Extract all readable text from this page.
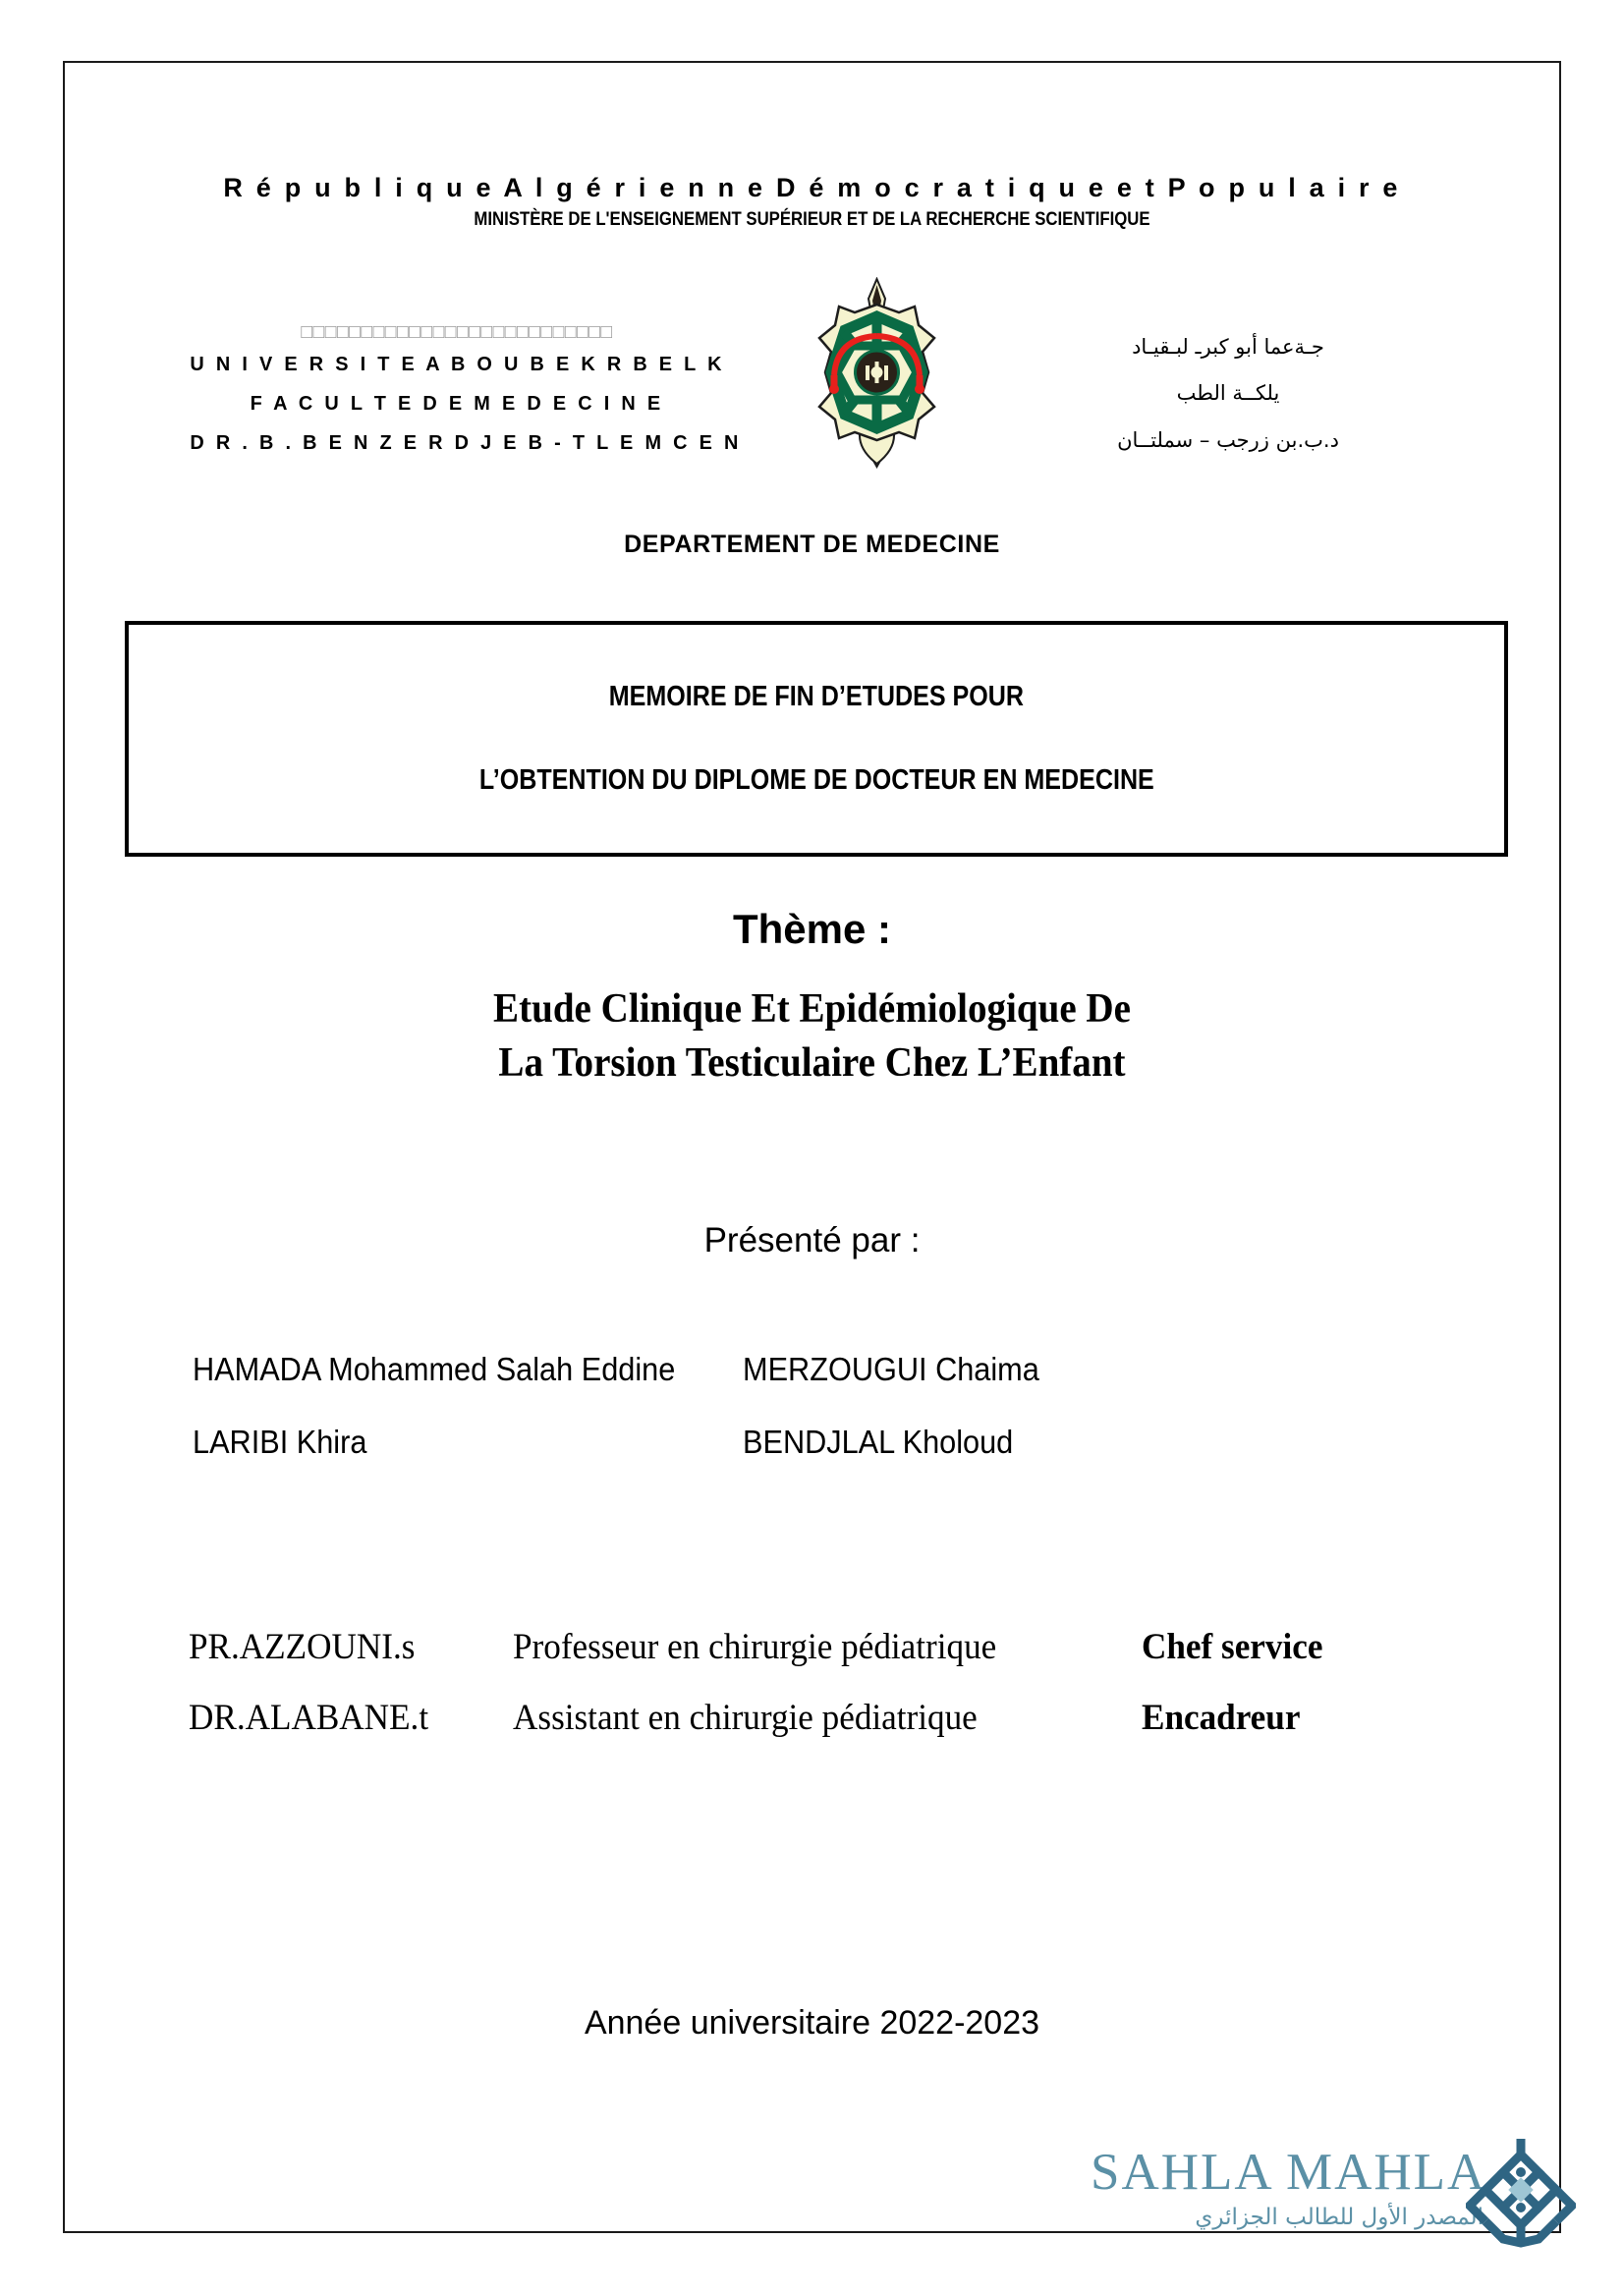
R é p u b l i q u e A l g é r i e n n e D é m o c r a t i q u e e t P o p u l a i r e
MINISTÈRE DE L'ENSEIGNEMENT SUPÉRIEUR ET DE LA RECHERCHE SCIENTIFIQUE
□□□□□□□□□□□□□□□□□□□□□□□□□□
U N I V E R S I T E A B O U B E K R B E L K
F A C U L T E D E M E D E C I N E
D R . B . B E N Z E R D J E B - T L E M C E N
جـةعما أبو كبرـ لبـقيـاد
يلكــة الطب
د.ب.بن زرجب – سملتــان
DEPARTEMENT DE MEDECINE
MEMOIRE DE FIN D’ETUDES POUR
L’OBTENTION DU DIPLOME DE DOCTEUR EN MEDECINE
Thème :
Etude Clinique Et Epidémiologique De
La Torsion Testiculaire Chez L’Enfant
Présenté par :
HAMADA Mohammed Salah Eddine	MERZOUGUI Chaima
LARIBI Khira	BENDJLAL Kholoud
PR.AZZOUNI.s	Professeur en chirurgie pédiatrique	Chef service
DR.ALABANE.t	Assistant en chirurgie pédiatrique	Encadreur
Année universitaire 2022-2023
SAHLA MAHLA
المصدر الأول للطالب الجزائري
